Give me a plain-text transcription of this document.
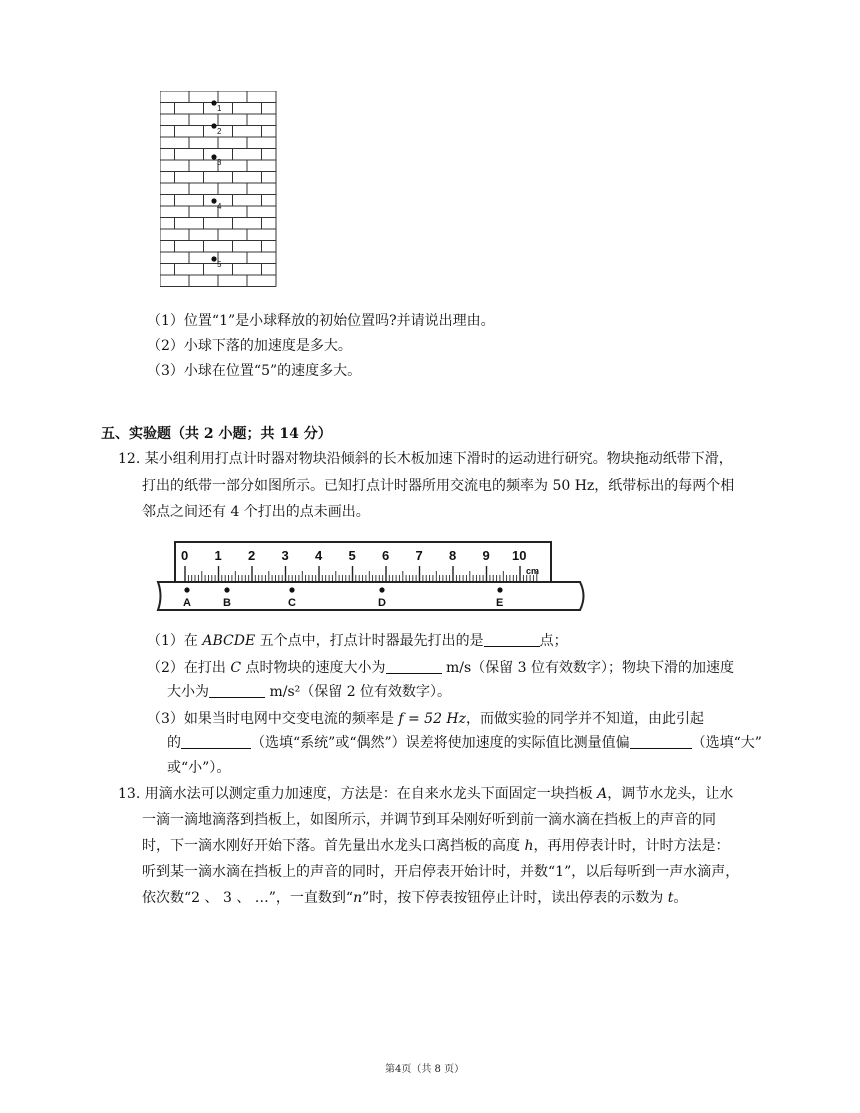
1
2
3
4
5
（1）位置“1”是小球释放的初始位置吗?并请说出理由。
（2）小球下落的加速度是多大。
（3）小球在位置“5”的速度多大。
五、实验题（共 2 小题；共 14 分）
12. 某小组利用打点计时器对物块沿倾斜的长木板加速下滑时的运动进行研究。物块拖动纸带下滑，
打出的纸带一部分如图所示。已知打点计时器所用交流电的频率为 50 Hz，纸带标出的每两个相
邻点之间还有 4 个打出的点未画出。
0 1 2 3 4 5 6 7 8 9 10
cm
A	B	C	D	E
（1）在 ABCDE 五个点中，打点计时器最先打出的是	点；
（2）在打出 C 点时物块的速度大小为	m/s（保留 3 位有效数字）；物块下滑的加速度
大小为	m/s²（保留 2 位有效数字）。
（3）如果当时电网中交变电流的频率是 f = 52 Hz，而做实验的同学并不知道，由此引起
的	（选填“系统”或“偶然”）误差将使加速度的实际值比测量值偏	（选填“大”
或“小”）。
13. 用滴水法可以测定重力加速度，方法是：在自来水龙头下面固定一块挡板 A，调节水龙头，让水
一滴一滴地滴落到挡板上，如图所示，并调节到耳朵刚好听到前一滴水滴在挡板上的声音的同
时，下一滴水刚好开始下落。首先量出水龙头口离挡板的高度 h，再用停表计时，计时方法是：
听到某一滴水滴在挡板上的声音的同时，开启停表开始计时，并数“1”，以后每听到一声水滴声，
依次数“2 、 3 、 …”，一直数到“n”时，按下停表按钮停止计时，读出停表的示数为 t。
第4页（共 8 页）
